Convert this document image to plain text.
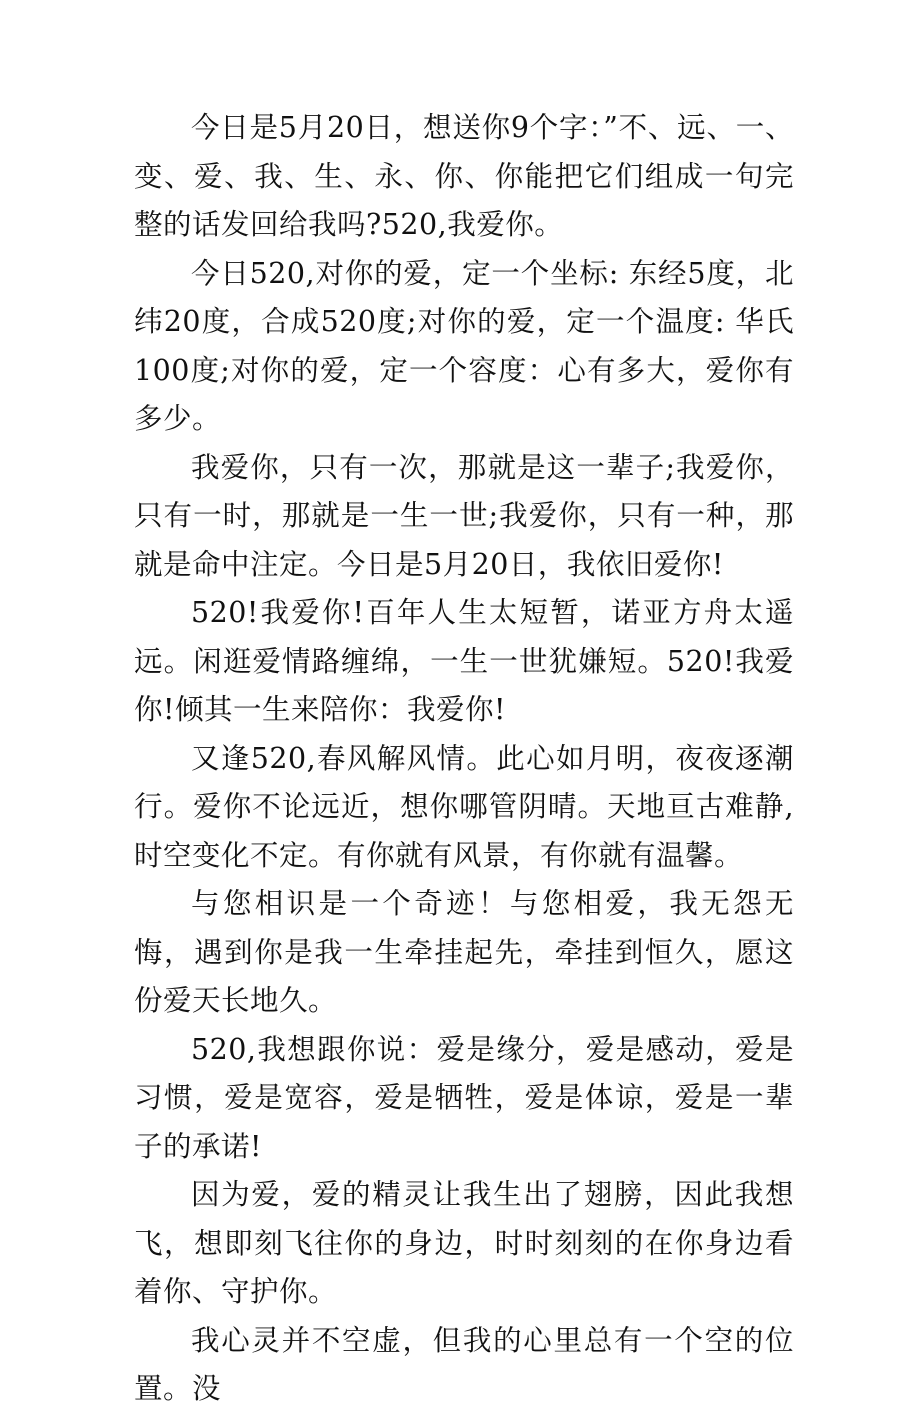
今日是5月20日，想送你9个字：”不、远、一、变、爱、我、生、永、你、你能把它们组成一句完整的话发回给我吗?520,我爱你。

今日520,对你的爱，定一个坐标: 东经5度，北纬20度，合成520度;对你的爱，定一个温度: 华氏100度;对你的爱，定一个容度：心有多大，爱你有多少。

我爱你，只有一次，那就是这一辈子;我爱你，只有一时，那就是一生一世;我爱你，只有一种，那就是命中注定。今日是5月20日，我依旧爱你!

520!我爱你!百年人生太短暂，诺亚方舟太遥远。闲逛爱情路缠绵，一生一世犹嫌短。520!我爱你!倾其一生来陪你：我爱你!

又逢520,春风解风情。此心如月明，夜夜逐潮行。爱你不论远近，想你哪管阴晴。天地亘古难静,时空变化不定。有你就有风景，有你就有温馨。

与您相识是一个奇迹！与您相爱，我无怨无悔，遇到你是我一生牵挂起先，牵挂到恒久，愿这份爱天长地久。

520,我想跟你说：爱是缘分，爱是感动，爱是习惯，爱是宽容，爱是牺牲，爱是体谅，爱是一辈子的承诺!

因为爱，爱的精灵让我生出了翅膀，因此我想飞，想即刻飞往你的身边，时时刻刻的在你身边看着你、守护你。

我心灵并不空虚，但我的心里总有一个空的位置。没
